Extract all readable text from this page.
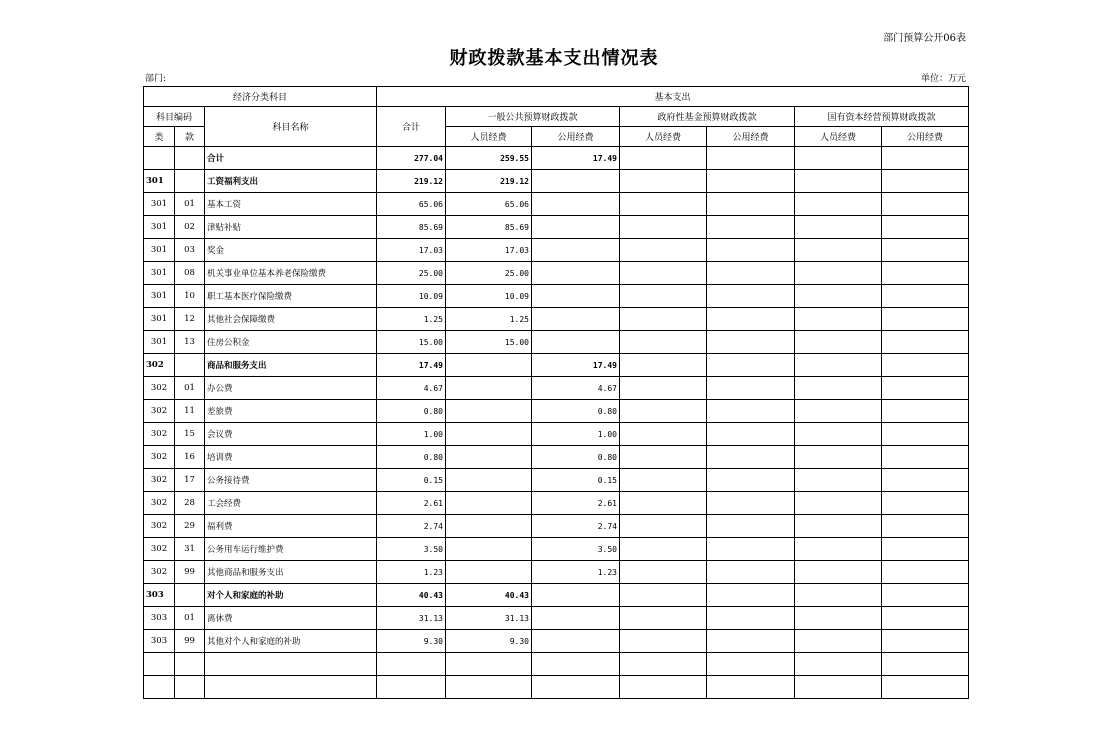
部门预算公开06表
财政拨款基本支出情况表
部门:	单位：万元
经济分类科目			基本支出						
科目编码		科目名称	合计	一般公共预算财政拨款		政府性基金预算财政拨款		国有资本经营预算财政拨款	
类	款			人员经费	公用经费	人员经费	公用经费	人员经费	公用经费
		合计	277.04	259.55	17.49				
301		工资福利支出	219.12	219.12					
301	01	基本工资	65.06	65.06					
301	02	津贴补贴	85.69	85.69					
301	03	奖金	17.03	17.03					
301	08	机关事业单位基本养老保险缴费	25.00	25.00					
301	10	职工基本医疗保险缴费	10.09	10.09					
301	12	其他社会保障缴费	1.25	1.25					
301	13	住房公积金	15.00	15.00					
302		商品和服务支出	17.49		17.49				
302	01	办公费	4.67		4.67				
302	11	差旅费	0.80		0.80				
302	15	会议费	1.00		1.00				
302	16	培训费	0.80		0.80				
302	17	公务接待费	0.15		0.15				
302	28	工会经费	2.61		2.61				
302	29	福利费	2.74		2.74				
302	31	公务用车运行维护费	3.50		3.50				
302	99	其他商品和服务支出	1.23		1.23				
303		对个人和家庭的补助	40.43	40.43					
303	01	离休费	31.13	31.13					
303	99	其他对个人和家庭的补助	9.30	9.30					
